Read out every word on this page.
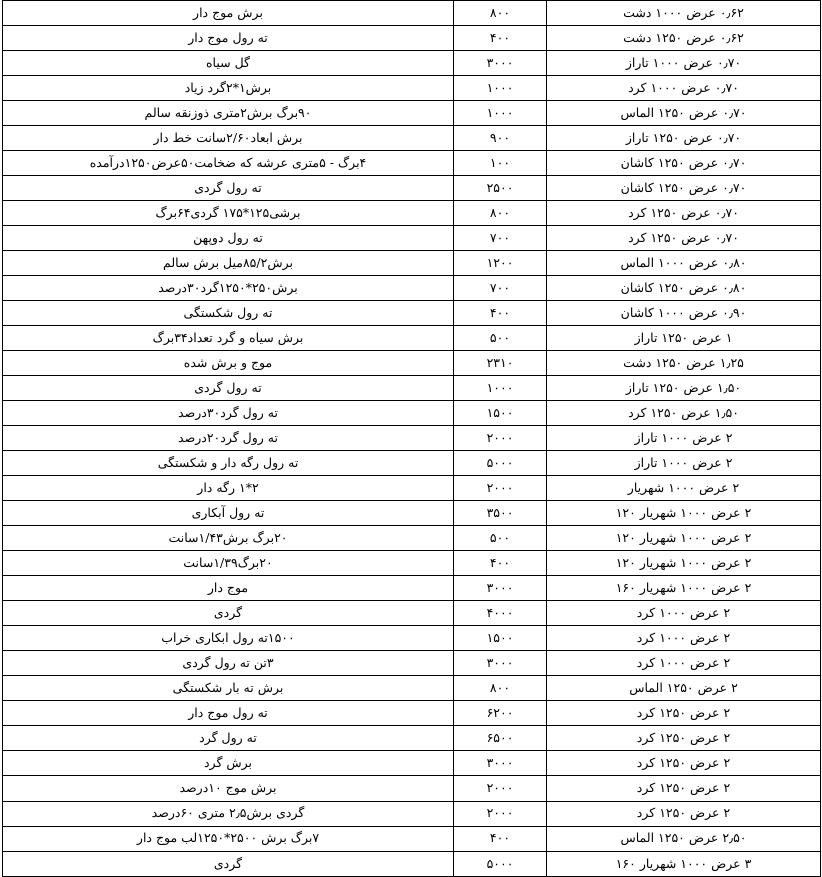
۰٫۶۲ عرض ۱۰۰۰ دشت	۸۰۰	برش موج دار
۰٫۶۲ عرض ۱۲۵۰ دشت	۴۰۰	ته رول موج دار
۰٫۷۰ عرض ۱۰۰۰ تاراز	۳۰۰۰	گل سیاه
۰٫۷۰ عرض ۱۰۰۰ کرد	۱۰۰۰	برش۱*۲گرد زیاد
۰٫۷۰ عرض ۱۲۵۰ الماس	۱۰۰۰	۹۰برگ برش۲متری ذوزنقه سالم
۰٫۷۰ عرض ۱۲۵۰ تاراز	۹۰۰	برش ابعاد۲/۶۰سانت خط دار
۰٫۷۰ عرض ۱۲۵۰ کاشان	۱۰۰	۴برگ - ۵متری عرشه که ضخامت۵۰عرض۱۲۵۰درآمده
۰٫۷۰ عرض ۱۲۵۰ کاشان	۲۵۰۰	ته رول گردی
۰٫۷۰ عرض ۱۲۵۰ کرد	۸۰۰	برشی۱۲۵*۱۷۵ گردی۶۴برگ
۰٫۷۰ عرض ۱۲۵۰ کرد	۷۰۰	ته رول دوپهن
۰٫۸۰ عرض ۱۰۰۰ الماس	۱۲۰۰	برش۸۵/۲میل برش سالم
۰٫۸۰ عرض ۱۲۵۰ کاشان	۷۰۰	برش۲۵۰*۱۲۵۰گرد۳۰درصد
۰٫۹۰ عرض ۱۰۰۰ کاشان	۴۰۰	ته رول شکستگی
۱ عرض ۱۲۵۰ تاراز	۵۰۰	برش سیاه و گرد تعداد۳۴برگ
۱٫۲۵ عرض ۱۲۵۰ دشت	۲۳۱۰	موج و برش شده
۱٫۵۰ عرض ۱۲۵۰ تاراز	۱۰۰۰	ته رول گردی
۱٫۵۰ عرض ۱۲۵۰ کرد	۱۵۰۰	ته رول گرد۳۰درصد
۲ عرض ۱۰۰۰ تاراز	۲۰۰۰	ته رول گرد۲۰درصد
۲ عرض ۱۰۰۰ تاراز	۵۰۰۰	ته رول رگه دار و شکستگی
۲ عرض ۱۰۰۰ شهریار	۲۰۰۰	۲*۱ رگه دار
۲ عرض ۱۰۰۰ شهریار ۱۲۰	۳۵۰۰	ته رول آبکاری
۲ عرض ۱۰۰۰ شهریار ۱۲۰	۵۰۰	۲۰برگ برش۱/۴۳سانت
۲ عرض ۱۰۰۰ شهریار ۱۲۰	۴۰۰	۲۰برگ۱/۳۹سانت
۲ عرض ۱۰۰۰ شهریار ۱۶۰	۳۰۰۰	موج دار
۲ عرض ۱۰۰۰ کرد	۴۰۰۰	گردی
۲ عرض ۱۰۰۰ کرد	۱۵۰۰	۱۵۰۰ته رول ابکاری خراب
۲ عرض ۱۰۰۰ کرد	۳۰۰۰	۳تن ته رول گردی
۲ عرض ۱۲۵۰ الماس	۸۰۰	برش ته بار شکستگی
۲ عرض ۱۲۵۰ کرد	۶۲۰۰	ته رول موج دار
۲ عرض ۱۲۵۰ کرد	۶۵۰۰	ته رول گرد
۲ عرض ۱۲۵۰ کرد	۳۰۰۰	برش گرد
۲ عرض ۱۲۵۰ کرد	۲۰۰۰	برش موج ۱۰درصد
۲ عرض ۱۲۵۰ کرد	۲۰۰۰	گردی برش۲٫۵ متری ۶۰درصد
۲٫۵۰ عرض ۱۲۵۰ الماس	۴۰۰	۷برگ برش ۲۵۰۰*۱۲۵۰لب موج دار
۳ عرض ۱۰۰۰ شهریار ۱۶۰	۵۰۰۰	گردی
